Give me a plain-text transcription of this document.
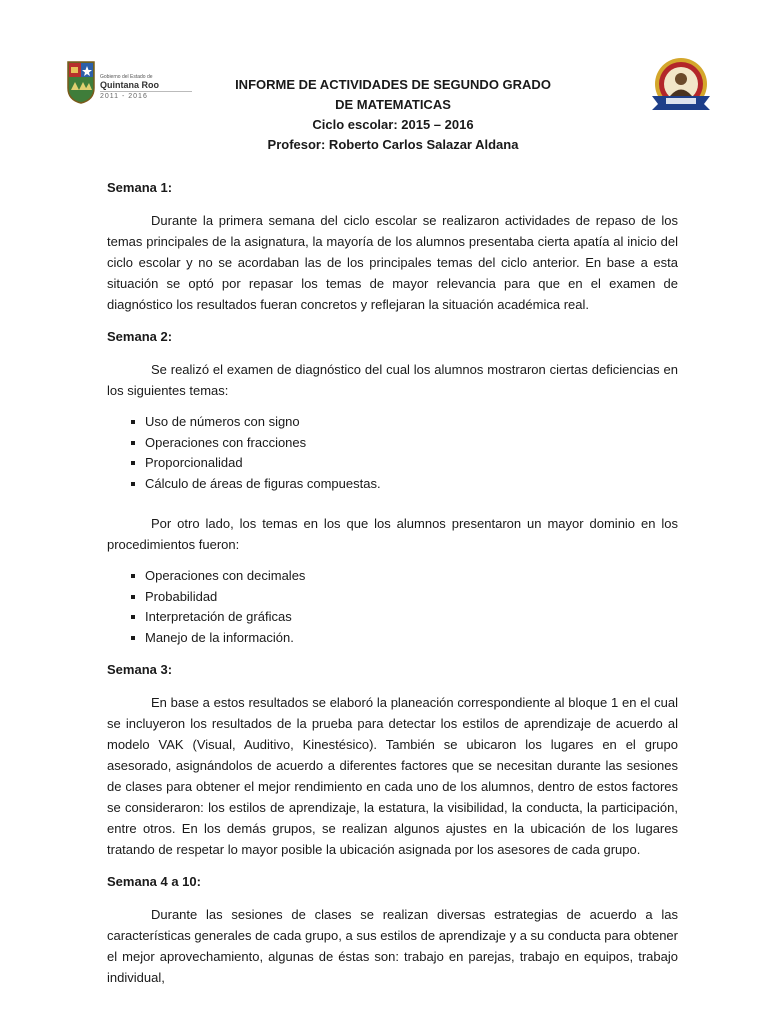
Gobierno del Estado de
Quintana Roo
2011 - 2016
INFORME DE ACTIVIDADES DE SEGUNDO GRADO
DE MATEMATICAS
Ciclo escolar: 2015 – 2016
Profesor: Roberto Carlos Salazar Aldana

Semana 1:

Durante la primera semana del ciclo escolar se realizaron actividades de repaso de los temas principales de la asignatura, la mayoría de los alumnos presentaba cierta apatía al inicio del ciclo escolar y no se acordaban las de los principales temas del ciclo anterior. En base a esta situación se optó por repasar los temas de mayor relevancia para que en el examen de diagnóstico los resultados fueran concretos y reflejaran la situación académica real.

Semana 2:

Se realizó el examen de diagnóstico del cual los alumnos mostraron ciertas deficiencias en los siguientes temas:

Uso de números con signo
Operaciones con fracciones
Proporcionalidad
Cálculo de áreas de figuras compuestas.

Por otro lado, los temas en los que los alumnos presentaron un mayor dominio en los procedimientos fueron:

Operaciones con decimales
Probabilidad
Interpretación de gráficas
Manejo de la información.

Semana 3:

En base a estos resultados se elaboró la planeación correspondiente al bloque 1 en el cual se incluyeron los resultados de la prueba para detectar los estilos de aprendizaje de acuerdo al modelo VAK (Visual, Auditivo, Kinestésico). También se ubicaron los lugares en el grupo asesorado, asignándolos de acuerdo a diferentes factores que se necesitan durante las sesiones de clases para obtener el mejor rendimiento en cada uno de los alumnos, dentro de estos factores se consideraron: los estilos de aprendizaje, la estatura, la visibilidad, la conducta, la participación, entre otros. En los demás grupos, se realizan algunos ajustes en la ubicación de los lugares tratando de respetar lo mayor posible la ubicación asignada por los asesores de cada grupo.

Semana 4 a 10:

Durante las sesiones de clases se realizan diversas estrategias de acuerdo a las características generales de cada grupo, a sus estilos de aprendizaje y a su conducta para obtener el mejor aprovechamiento, algunas de éstas son: trabajo en parejas, trabajo en equipos, trabajo individual,
